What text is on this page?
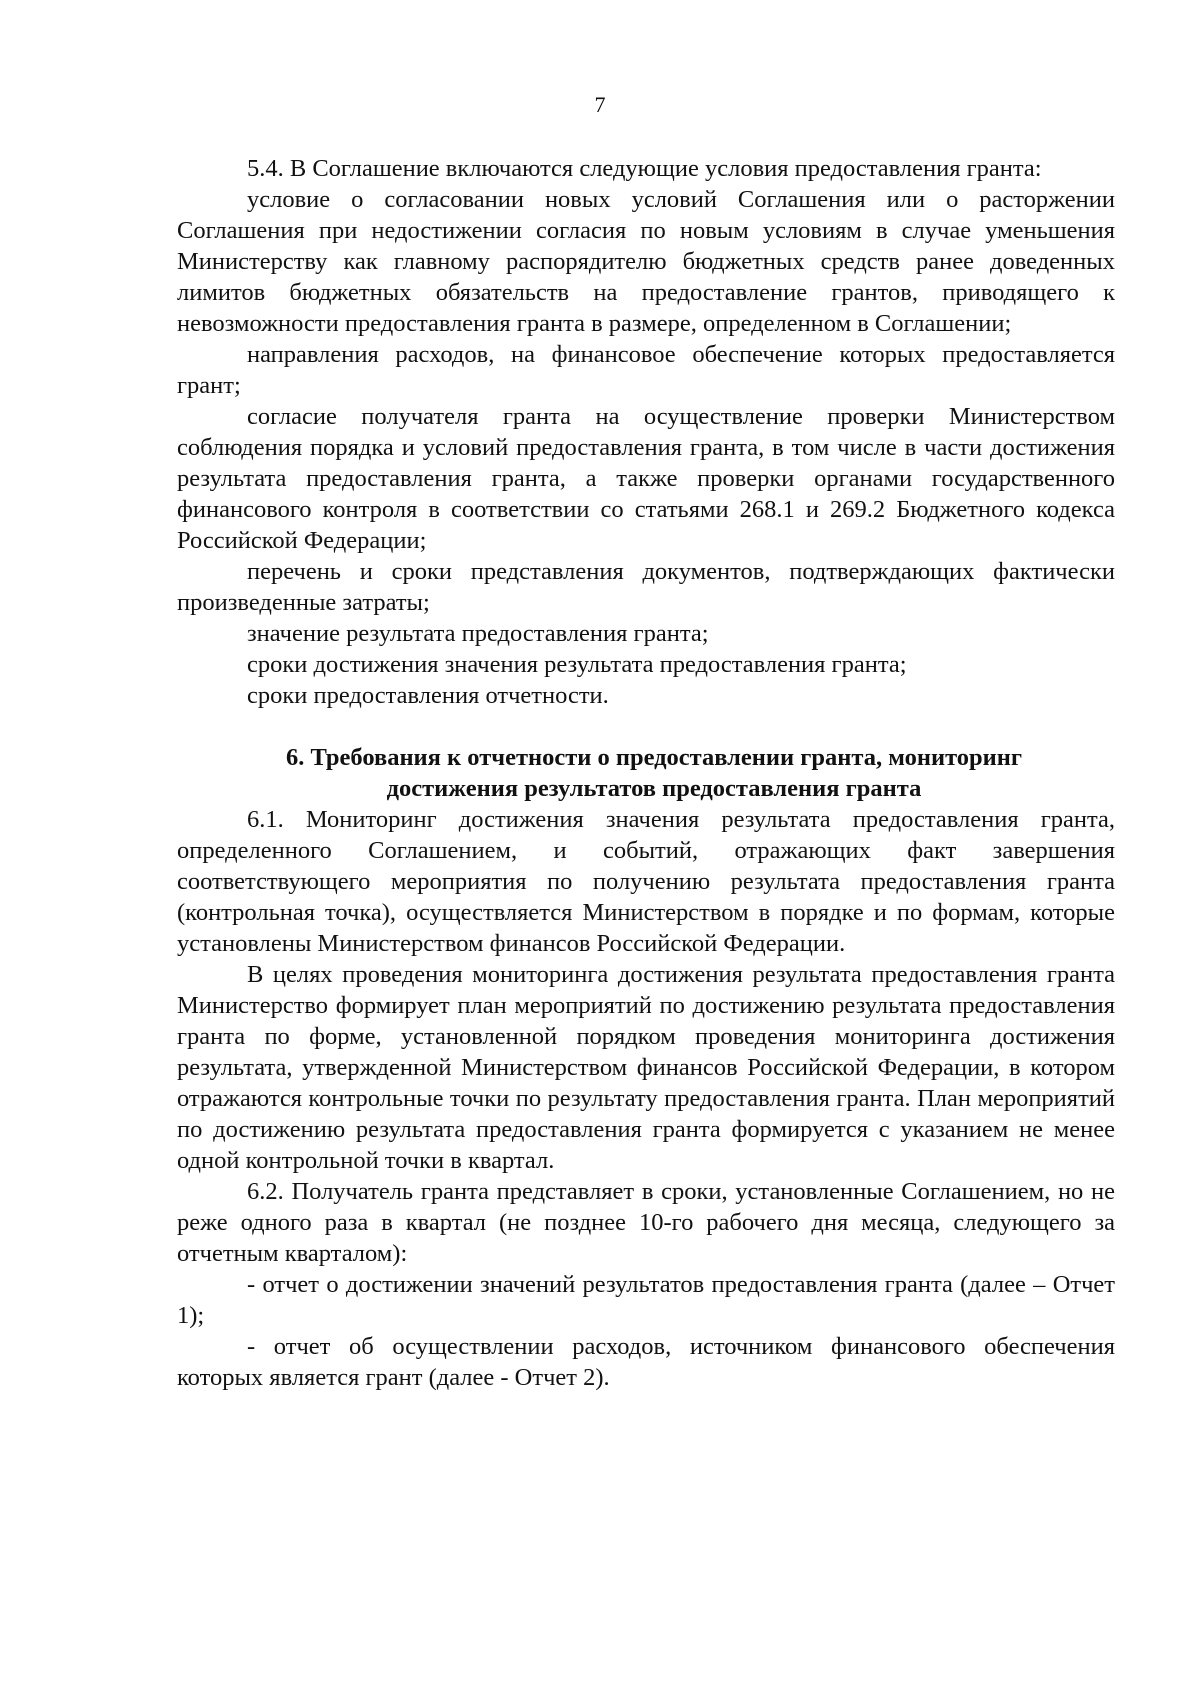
7

5.4. В Соглашение включаются следующие условия предоставления гранта:

условие о согласовании новых условий Соглашения или о расторжении Соглашения при недостижении согласия по новым условиям в случае уменьшения Министерству как главному распорядителю бюджетных средств ранее доведенных лимитов бюджетных обязательств на предоставление грантов, приводящего к невозможности предоставления гранта в размере, определенном в Соглашении;

направления расходов, на финансовое обеспечение которых предоставляется грант;

согласие получателя гранта на осуществление проверки Министерством соблюдения порядка и условий предоставления гранта, в том числе в части достижения результата предоставления гранта, а также проверки органами государственного финансового контроля в соответствии со статьями 268.1 и 269.2 Бюджетного кодекса Российской Федерации;

перечень и сроки представления документов, подтверждающих фактически произведенные затраты;

значение результата предоставления гранта;

сроки достижения значения результата предоставления гранта;

сроки предоставления отчетности.

6. Требования к отчетности о предоставлении гранта, мониторинг
достижения результатов предоставления гранта

6.1. Мониторинг достижения значения результата предоставления гранта, определенного Соглашением, и событий, отражающих факт завершения соответствующего мероприятия по получению результата предоставления гранта (контрольная точка), осуществляется Министерством в порядке и по формам, которые установлены Министерством финансов Российской Федерации.

В целях проведения мониторинга достижения результата предоставления гранта Министерство формирует план мероприятий по достижению результата предоставления гранта по форме, установленной порядком проведения мониторинга достижения результата, утвержденной Министерством финансов Российской Федерации, в котором отражаются контрольные точки по результату предоставления гранта. План мероприятий по достижению результата предоставления гранта формируется с указанием не менее одной контрольной точки в квартал.

6.2. Получатель гранта представляет в сроки, установленные Соглашением, но не реже одного раза в квартал (не позднее 10-го рабочего дня месяца, следующего за отчетным кварталом):

- отчет о достижении значений результатов предоставления гранта (далее – Отчет 1);

- отчет об осуществлении расходов, источником финансового обеспечения которых является грант (далее - Отчет 2).
